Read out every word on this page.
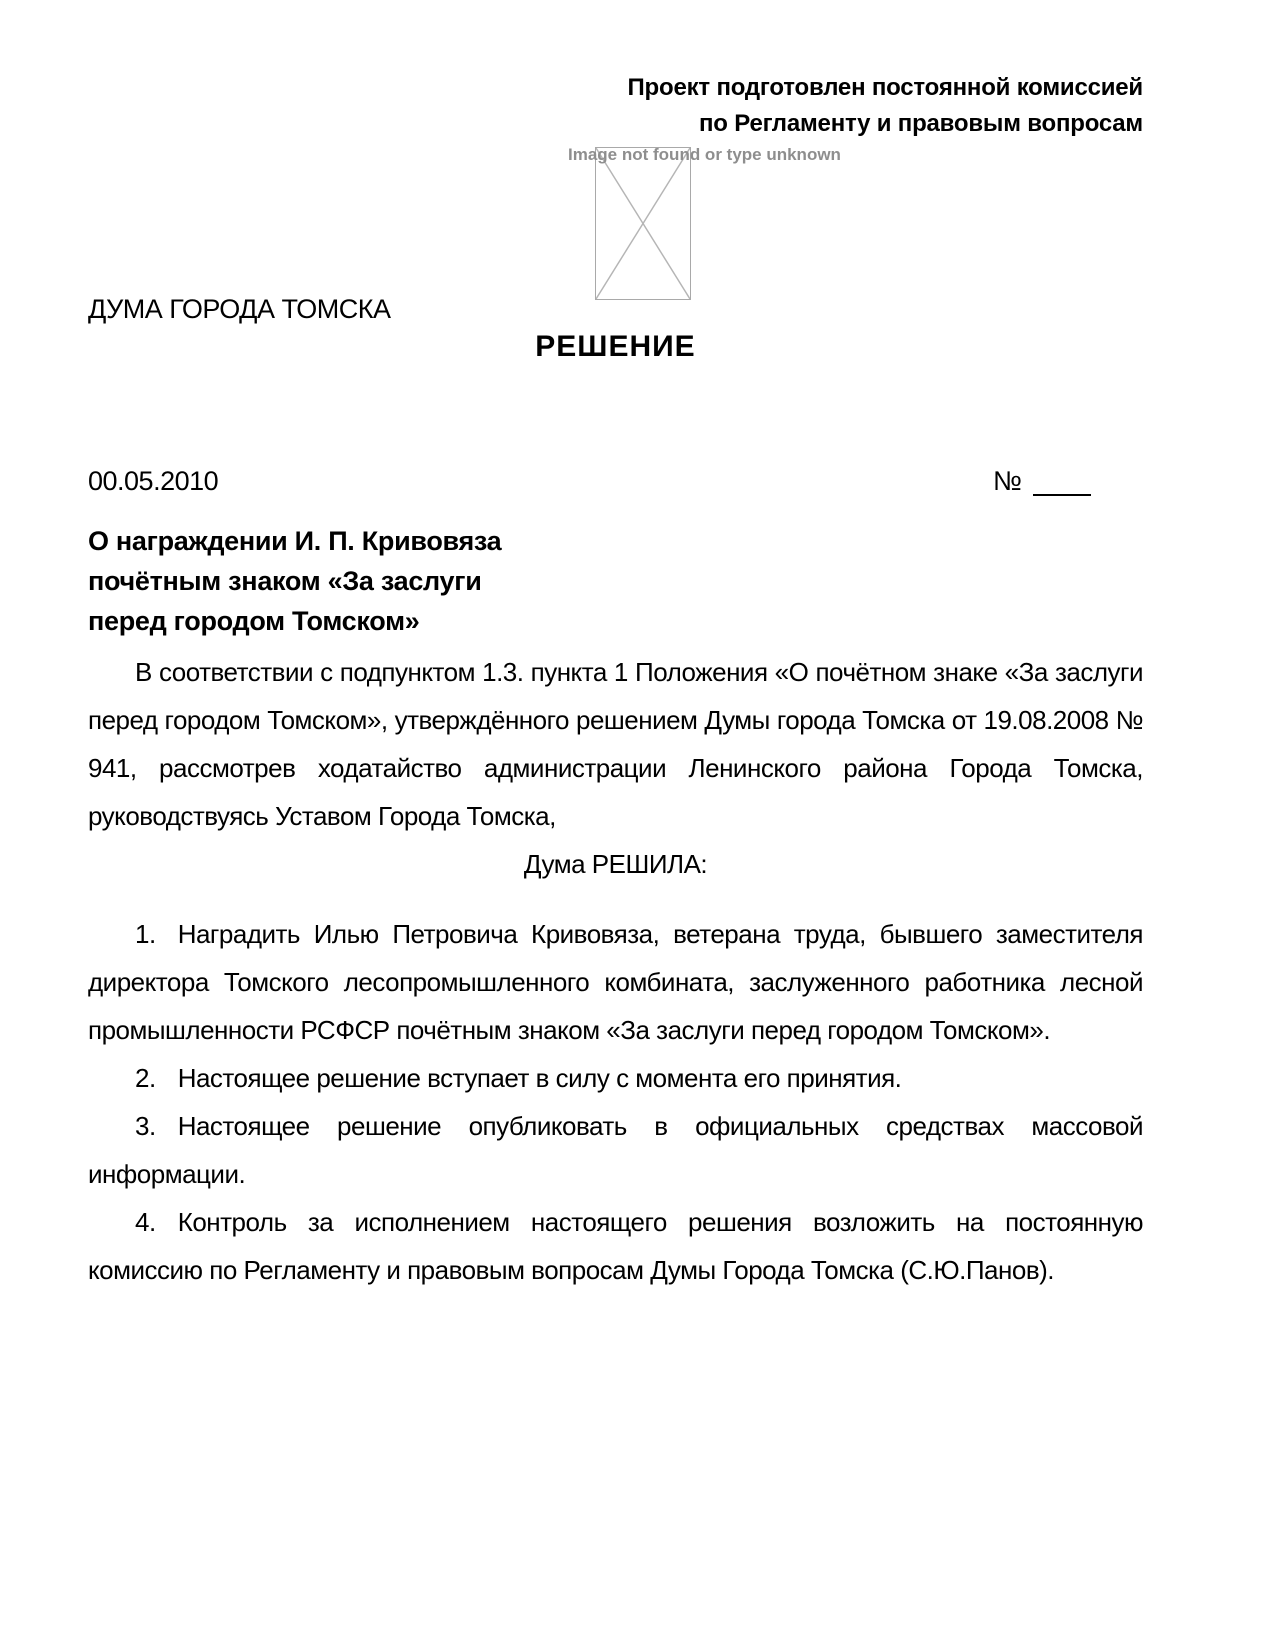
Проект подготовлен постоянной комиссией
по Регламенту и правовым вопросам
Image not found or type unknown
ДУМА ГОРОДА ТОМСКА
РЕШЕНИЕ
00.05.2010	№
О награждении И. П. Кривовяза
почётным знаком «За заслуги
перед городом Томском»

В соответствии с подпунктом 1.3. пункта 1 Положения «О почётном знаке «За заслуги перед городом Томском», утверждённого решением Думы города Томска от 19.08.2008 № 941, рассмотрев ходатайство администрации Ленинского района Города Томска, руководствуясь Уставом Города Томска,

Дума РЕШИЛА:

1. Наградить Илью Петровича Кривовяза, ветерана труда, бывшего заместителя директора Томского лесопромышленного комбината, заслуженного работника лесной промышленности РСФСР почётным знаком «За заслуги перед городом Томском».

2. Настоящее решение вступает в силу с момента его принятия.

3. Настоящее решение опубликовать в официальных средствах массовой информации.

4. Контроль за исполнением настоящего решения возложить на постоянную комиссию по Регламенту и правовым вопросам Думы Города Томска (С.Ю.Панов).
